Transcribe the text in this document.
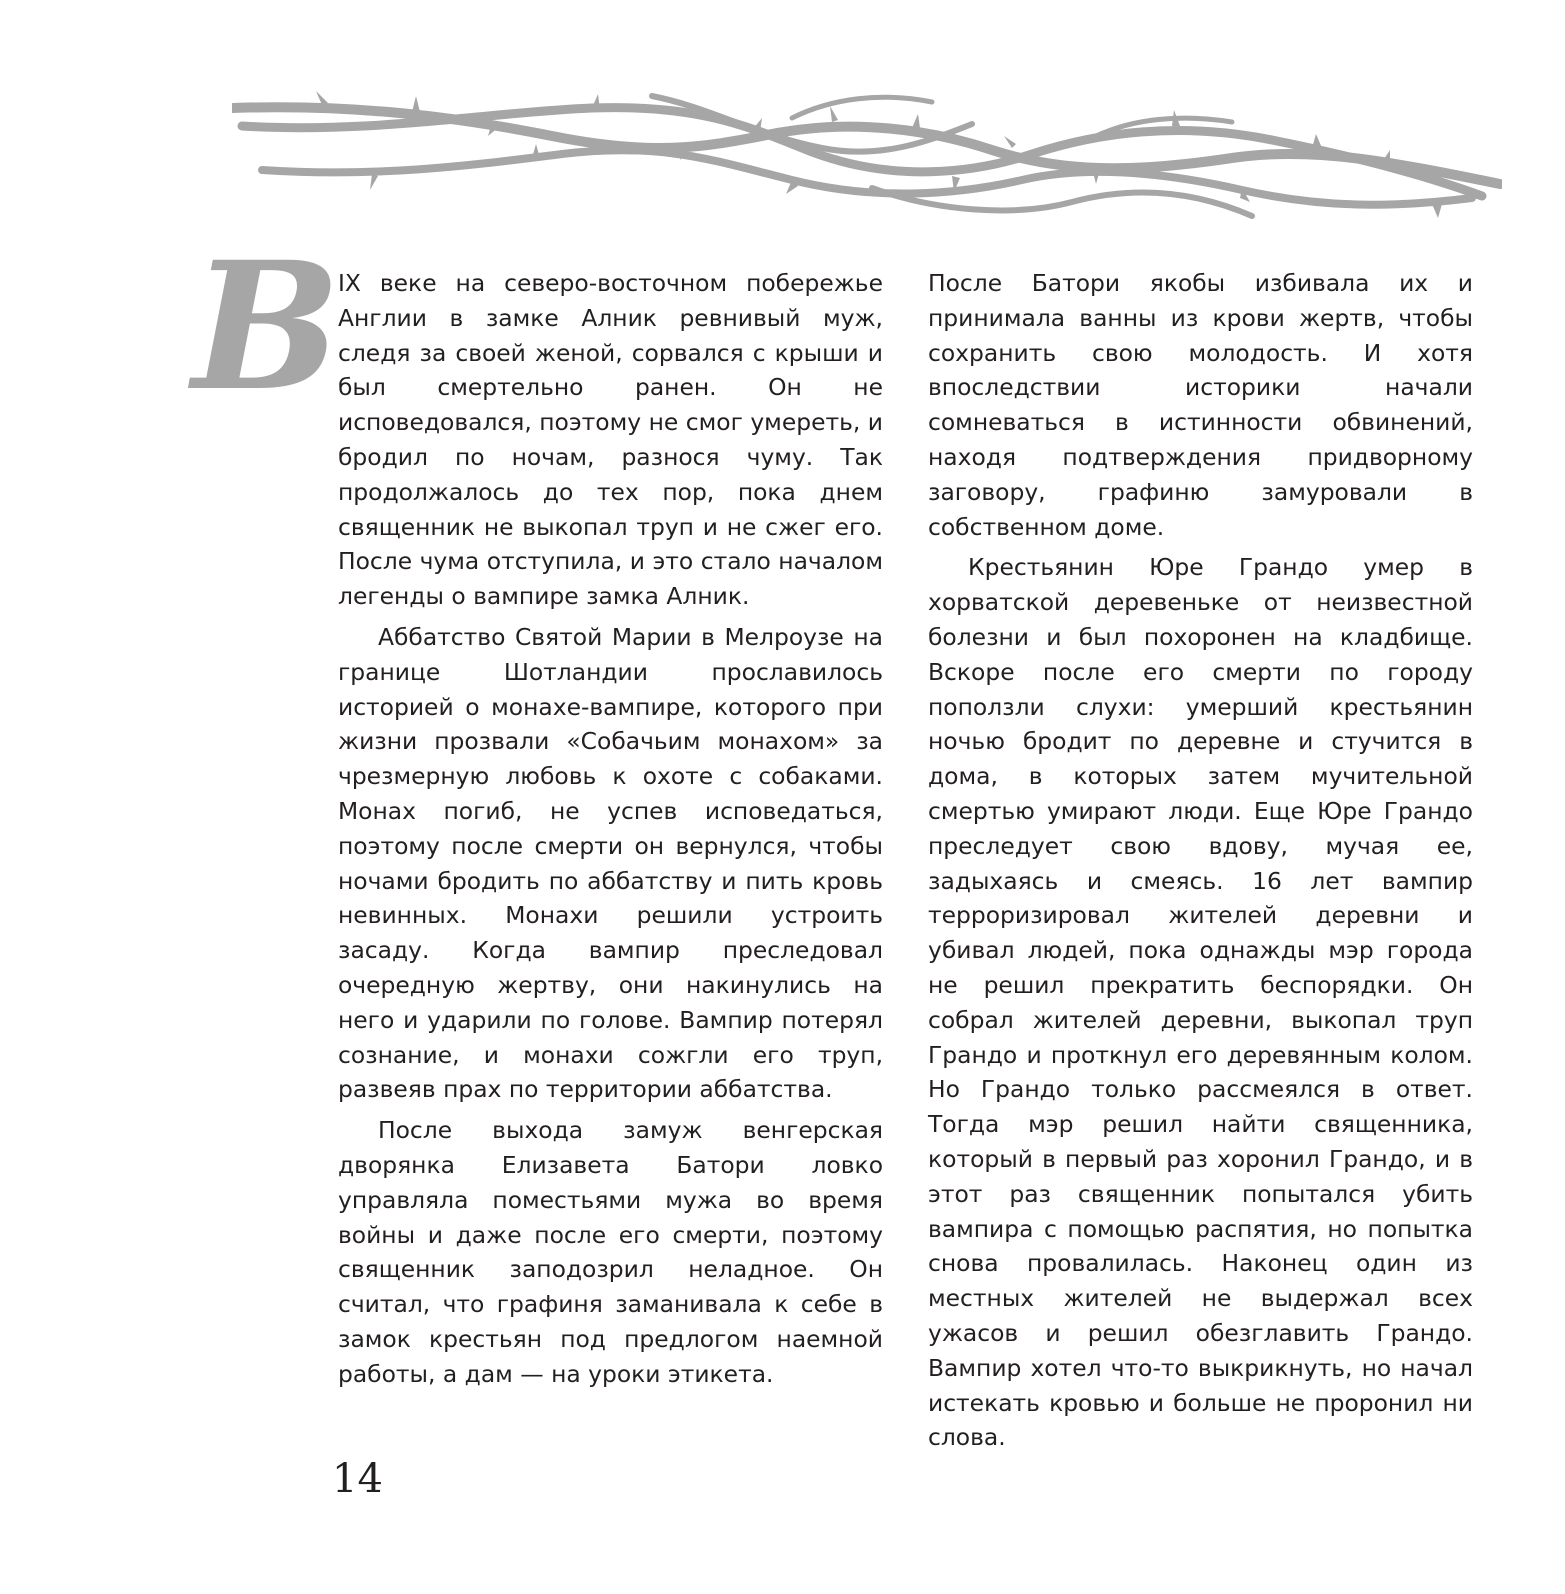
В IX веке на северо-восточном побережье Англии в замке Алник ревнивый муж, следя за своей женой, сорвался с крыши и был смертельно ранен. Он не исповедовался, поэтому не смог умереть, и бродил по ночам, разнося чуму. Так продолжалось до тех пор, пока днем священник не выкопал труп и не сжег его. После чума отступила, и это стало началом легенды о вампире замка Алник.

Аббатство Святой Марии в Мелроузе на границе Шотландии прославилось историей о монахе-вампире, которого при жизни прозвали «Собачьим монахом» за чрезмерную любовь к охоте с собаками. Монах погиб, не успев исповедаться, поэтому после смерти он вернулся, чтобы ночами бродить по аббатству и пить кровь невинных. Монахи решили устроить засаду. Когда вампир преследовал очередную жертву, они накинулись на него и ударили по голове. Вампир потерял сознание, и монахи сожгли его труп, развеяв прах по территории аббатства.

После выхода замуж венгерская дворянка Елизавета Батори ловко управляла поместьями мужа во время войны и даже после его смерти, поэтому священник заподозрил неладное. Он считал, что графиня заманивала к себе в замок крестьян под предлогом наемной работы, а дам — на уроки этикета.

После Батори якобы избивала их и принимала ванны из крови жертв, чтобы сохранить свою молодость. И хотя впоследствии историки начали сомневаться в истинности обвинений, находя подтверждения придворному заговору, графиню замуровали в собственном доме.

Крестьянин Юре Грандо умер в хорватской деревеньке от неизвестной болезни и был похоронен на кладбище. Вскоре после его смерти по городу поползли слухи: умерший крестьянин ночью бродит по деревне и стучится в дома, в которых затем мучительной смертью умирают люди. Еще Юре Грандо преследует свою вдову, мучая ее, задыхаясь и смеясь. 16 лет вампир терроризировал жителей деревни и убивал людей, пока однажды мэр города не решил прекратить беспорядки. Он собрал жителей деревни, выкопал труп Грандо и проткнул его деревянным колом. Но Грандо только рассмеялся в ответ. Тогда мэр решил найти священника, который в первый раз хоронил Грандо, и в этот раз священник попытался убить вампира с помощью распятия, но попытка снова провалилась. Наконец один из местных жителей не выдержал всех ужасов и решил обезглавить Грандо. Вампир хотел что-то выкрикнуть, но начал истекать кровью и больше не проронил ни слова.

14
